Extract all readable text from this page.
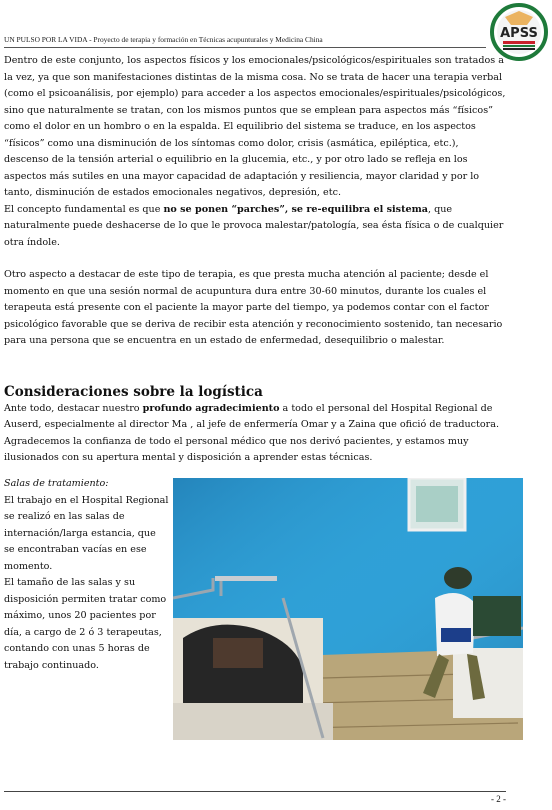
UN PULSO POR LA VIDA - Proyecto de terapia y formación en Técnicas acupunturales y Medicina China	APSS

Dentro de este conjunto, los aspectos físicos y los emocionales/psicológicos/espirituales son tratados a la vez, ya que son manifestaciones distintas de la misma cosa. No se trata de hacer una terapia verbal (como el psicoanálisis, por ejemplo) para acceder a los aspectos emocionales/espirituales/psicológicos, sino que naturalmente se tratan, con los mismos puntos que se emplean para aspectos más “físicos” como el dolor en un hombro o en la espalda. El equilibrio del sistema se traduce, en los aspectos “físicos” como una disminución de los síntomas como dolor, crisis (asmática, epiléptica, etc.), descenso de la tensión arterial o equilibrio en la glucemia, etc., y por otro lado se refleja en los aspectos más sutiles en una mayor capacidad de adaptación y resiliencia, mayor claridad y por lo tanto, disminución de estados emocionales negativos, depresión, etc.

El concepto fundamental es que no se ponen “parches”, se re-equilibra el sistema, que naturalmente puede deshacerse de lo que le provoca malestar/patología, sea ésta física o de cualquier otra índole.

Otro aspecto a destacar de este tipo de terapia, es que presta mucha atención al paciente; desde el momento en que una sesión normal de acupuntura dura entre 30-60 minutos, durante los cuales el terapeuta está presente con el paciente la mayor parte del tiempo, ya podemos contar con el factor psicológico favorable que se deriva de recibir esta atención y reconocimiento sostenido, tan necesario para una persona que se encuentra en un estado de enfermedad, desequilibrio o malestar.

Consideraciones sobre la logística

Ante todo, destacar nuestro profundo agradecimiento a todo el personal del Hospital Regional de Auserd, especialmente al director Ma , al jefe de enfermería Omar y a Zaina que ofició de traductora. Agradecemos la confianza de todo el personal médico que nos derivó pacientes, y estamos muy ilusionados con su apertura mental y disposición a aprender estas técnicas.

Salas de tratamiento:

El trabajo en el Hospital Regional se realizó en las salas de internación/larga estancia, que se encontraban vacías en ese momento.

El tamaño de las salas y su disposición permiten tratar como máximo, unos 20 pacientes por día, a cargo de 2 ó 3 terapeutas, contando con unas 5 horas de trabajo continuado.

- 2 -
